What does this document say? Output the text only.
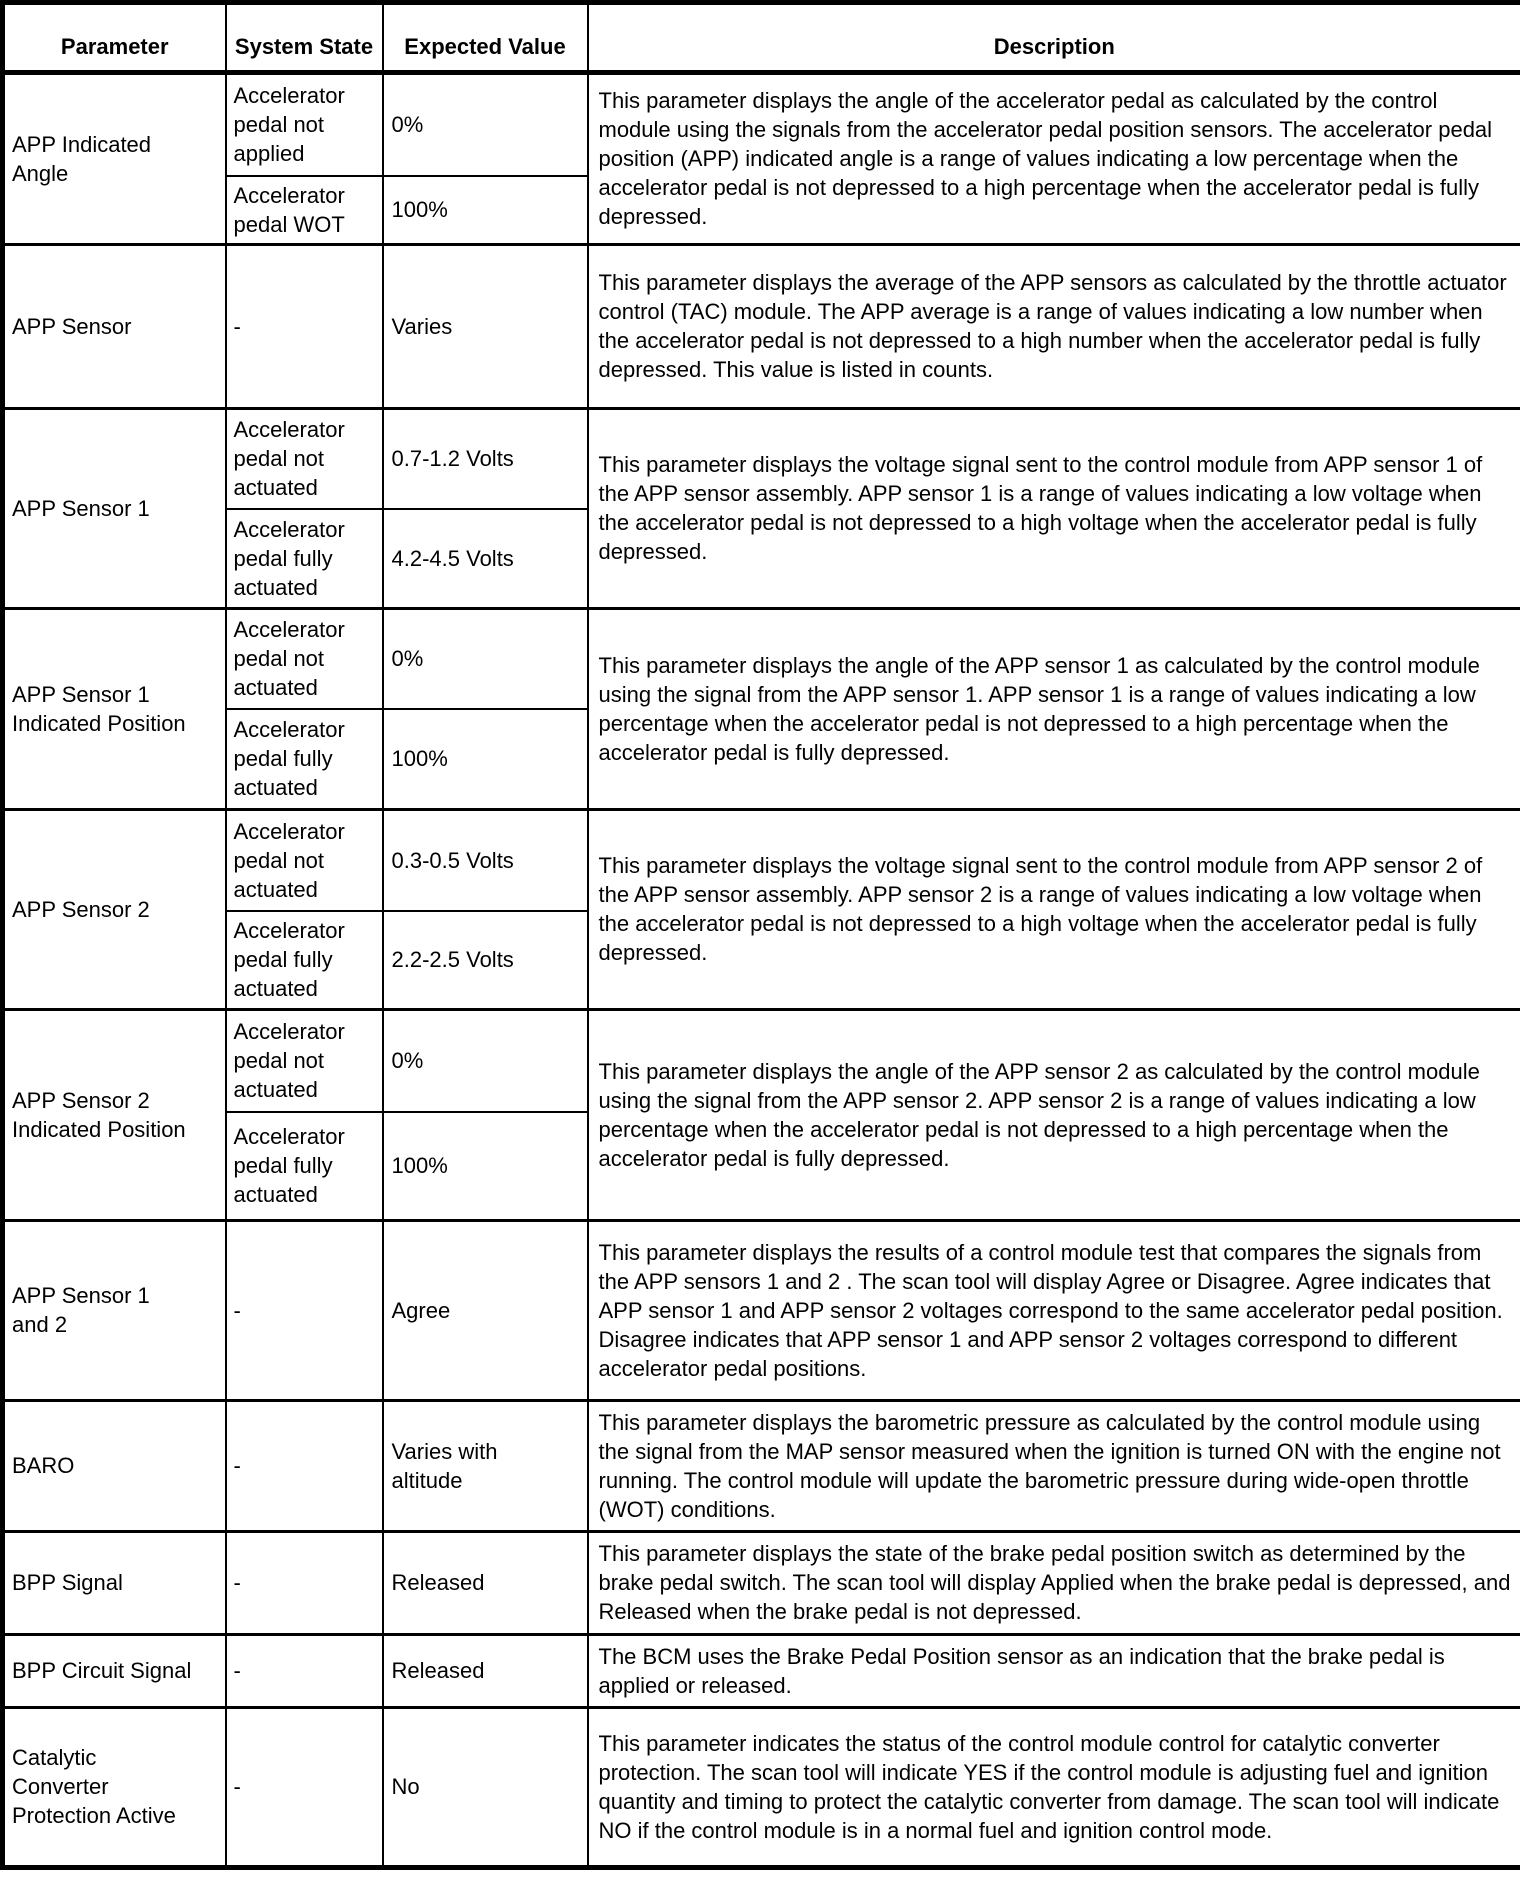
Parameter	System State	Expected Value	Description
APP Indicated Angle	Accelerator pedal not applied	0%	This parameter displays the angle of the accelerator pedal as calculated by the control module using the signals from the accelerator pedal position sensors. The accelerator pedal position (APP) indicated angle is a range of values indicating a low percentage when the accelerator pedal is not depressed to a high percentage when the accelerator pedal is fully depressed.
	Accelerator pedal WOT	100%	
APP Sensor	-	Varies	This parameter displays the average of the APP sensors as calculated by the throttle actuator control (TAC) module. The APP average is a range of values indicating a low number when the accelerator pedal is not depressed to a high number when the accelerator pedal is fully depressed. This value is listed in counts.
APP Sensor 1	Accelerator pedal not actuated	0.7-1.2 Volts	This parameter displays the voltage signal sent to the control module from APP sensor 1 of the APP sensor assembly. APP sensor 1 is a range of values indicating a low voltage when the accelerator pedal is not depressed to a high voltage when the accelerator pedal is fully depressed.
	Accelerator pedal fully actuated	4.2-4.5 Volts	
APP Sensor 1 Indicated Position	Accelerator pedal not actuated	0%	This parameter displays the angle of the APP sensor 1 as calculated by the control module using the signal from the APP sensor 1. APP sensor 1 is a range of values indicating a low percentage when the accelerator pedal is not depressed to a high percentage when the accelerator pedal is fully depressed.
	Accelerator pedal fully actuated	100%	
APP Sensor 2	Accelerator pedal not actuated	0.3-0.5 Volts	This parameter displays the voltage signal sent to the control module from APP sensor 2 of the APP sensor assembly. APP sensor 2 is a range of values indicating a low voltage when the accelerator pedal is not depressed to a high voltage when the accelerator pedal is fully depressed.
	Accelerator pedal fully actuated	2.2-2.5 Volts	
APP Sensor 2 Indicated Position	Accelerator pedal not actuated	0%	This parameter displays the angle of the APP sensor 2 as calculated by the control module using the signal from the APP sensor 2. APP sensor 2 is a range of values indicating a low percentage when the accelerator pedal is not depressed to a high percentage when the accelerator pedal is fully depressed.
	Accelerator pedal fully actuated	100%	
APP Sensor 1 and 2	-	Agree	This parameter displays the results of a control module test that compares the signals from the APP sensors 1 and 2 . The scan tool will display Agree or Disagree. Agree indicates that APP sensor 1 and APP sensor 2 voltages correspond to the same accelerator pedal position. Disagree indicates that APP sensor 1 and APP sensor 2 voltages correspond to different accelerator pedal positions.
BARO	-	Varies with altitude	This parameter displays the barometric pressure as calculated by the control module using the signal from the MAP sensor measured when the ignition is turned ON with the engine not running. The control module will update the barometric pressure during wide-open throttle (WOT) conditions.
BPP Signal	-	Released	This parameter displays the state of the brake pedal position switch as determined by the brake pedal switch. The scan tool will display Applied when the brake pedal is depressed, and Released when the brake pedal is not depressed.
BPP Circuit Signal	-	Released	The BCM uses the Brake Pedal Position sensor as an indication that the brake pedal is applied or released.
Catalytic Converter Protection Active	-	No	This parameter indicates the status of the control module control for catalytic converter protection. The scan tool will indicate YES if the control module is adjusting fuel and ignition quantity and timing to protect the catalytic converter from damage. The scan tool will indicate NO if the control module is in a normal fuel and ignition control mode.
